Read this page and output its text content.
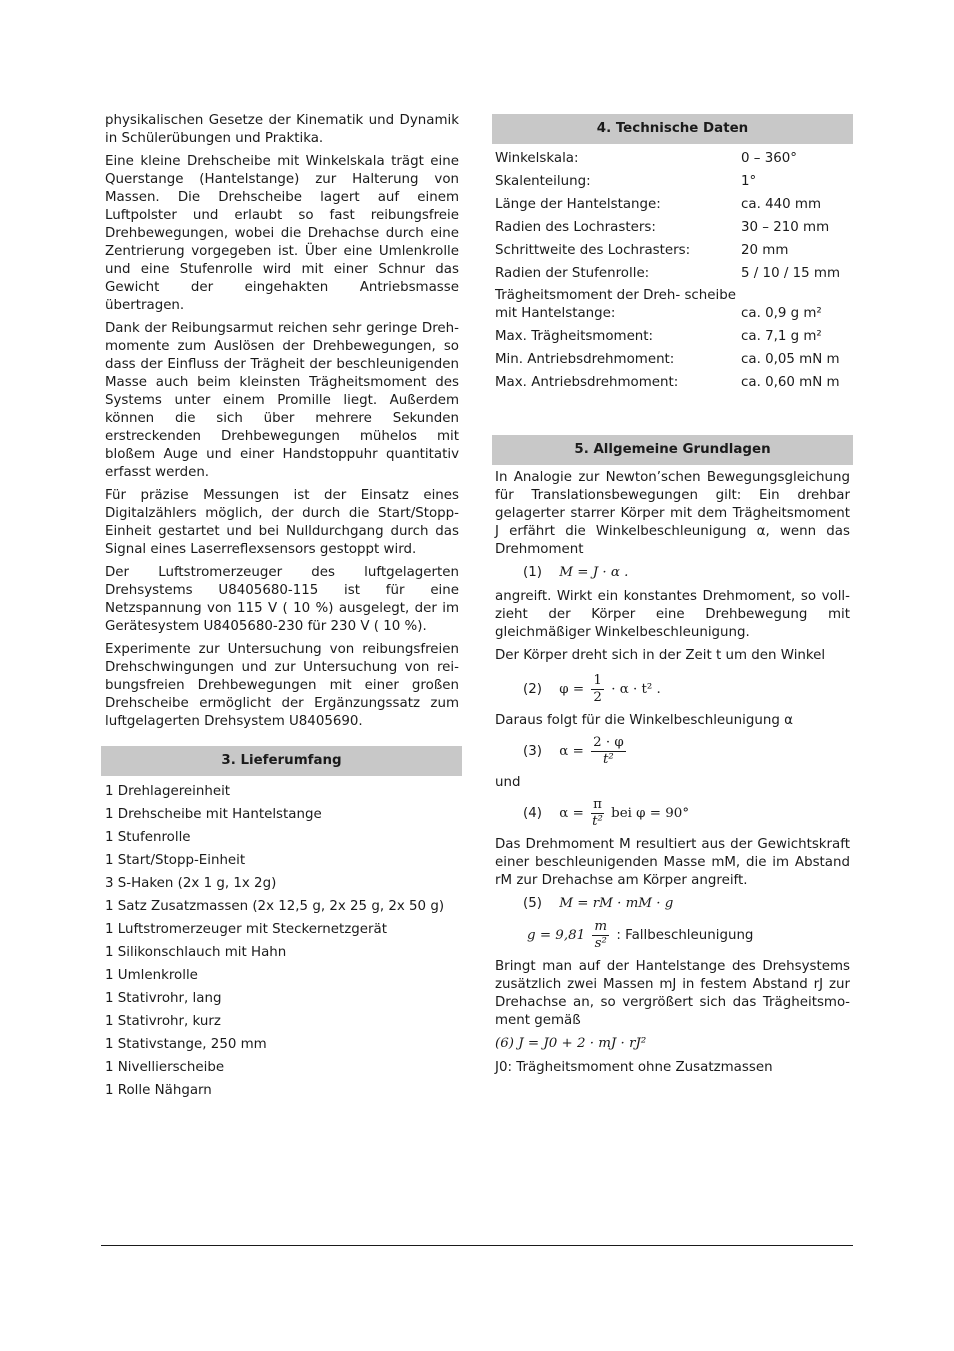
physikalischen Gesetze der Kinematik und Dynamik in Schülerübungen und Praktika.

Eine kleine Drehscheibe mit Winkelskala trägt eine Querstange (Hantelstange) zur Halterung von Massen. Die Drehscheibe lagert auf einem Luftpolster und erlaubt so fast reibungsfreie Drehbewegungen, wobei die Drehachse durch eine Zentrierung vorgegeben ist. Über eine Umlenkrolle und eine Stufenrolle wird mit einer Schnur das Gewicht der eingehakten Antriebsmasse übertragen.

Dank der Reibungsarmut reichen sehr geringe Drehmomente zum Auslösen der Drehbewegungen, so dass der Einfluss der Trägheit der beschleunigenden Masse auch beim kleinsten Trägheitsmoment des Systems unter einem Promille liegt. Außerdem können die sich über mehrere Sekunden erstreckenden Drehbewegungen mühelos mit bloßem Auge und einer Handstoppuhr quantitativ erfasst werden.

Für präzise Messungen ist der Einsatz eines Digitalzählers möglich, der durch die Start/Stopp-Einheit gestartet und bei Nulldurchgang durch das Signal eines Laserreflexsensors gestoppt wird.

Der Luftstromerzeuger des luftgelagerten Drehsystems U8405680-115 ist für eine Netzspannung von 115 V ( 10 %) ausgelegt, der im Gerätesystem U8405680-230 für 230 V ( 10 %).

Experimente zur Untersuchung von reibungsfreien Drehschwingungen und zur Untersuchung von reibungsfreien Drehbewegungen mit einer großen Drehscheibe ermöglicht der Ergänzungssatz zum luftgelagerten Drehsystem U8405690.

3. Lieferumfang
1 Drehlagereinheit
1 Drehscheibe mit Hantelstange
1 Stufenrolle
1 Start/Stopp-Einheit
3 S-Haken (2x 1 g, 1x 2g)
1 Satz Zusatzmassen (2x 12,5 g, 2x 25 g, 2x 50 g)
1 Luftstromerzeuger mit Steckernetzgerät
1 Silikonschlauch mit Hahn
1 Umlenkrolle
1 Stativrohr, lang
1 Stativrohr, kurz
1 Stativstange, 250 mm
1 Nivellierscheibe
1 Rolle Nähgarn
4. Technische Daten
Winkelskala:	0 – 360°
Skalenteilung:	1°
Länge der Hantelstange:	ca. 440 mm
Radien des Lochrasters:	30 – 210 mm
Schrittweite des Lochrasters:	20 mm
Radien der Stufenrolle:	5 / 10 / 15 mm
Trägheitsmoment der Dreh- scheibe mit Hantelstange:	ca. 0,9 g m²
Max. Trägheitsmoment:	ca. 7,1 g m²
Min. Antriebsdrehmoment:	ca. 0,05 mN m
Max. Antriebsdrehmoment:	ca. 0,60 mN m
5. Allgemeine Grundlagen

In Analogie zur Newton’schen Bewegungsgleichung für Translationsbewegungen gilt: Ein drehbar gelagerter starrer Körper mit dem Trägheitsmoment J erfährt die Winkelbeschleunigung α, wenn das Drehmoment

(1) M = J · α .

angreift. Wirkt ein konstantes Drehmoment, so vollzieht der Körper eine Drehbewegung mit gleichmäßiger Winkelbeschleunigung.

Der Körper dreht sich in der Zeit t um den Winkel

(2) $\varphi = \frac{1}{2} \cdot \alpha \cdot t^2$ .

Daraus folgt für die Winkelbeschleunigung α

(3) $\alpha = \frac{2 \cdot \varphi}{\text{t²}}$

und

(4) $\alpha = \frac{\pi}{\text{t²}}$ bei φ = 90°

Das Drehmoment M resultiert aus der Gewichtskraft einer beschleunigenden Masse mM, die im Abstand rM zur Drehachse am Körper angreift.

(5) M = rM · mM · g
$g = 9,81 \frac{m}{\text{s²}}$ : Fallbeschleunigung

Bringt man auf der Hantelstange des Drehsystems zusätzlich zwei Massen mJ in festem Abstand rJ zur Drehachse an, so vergrößert sich das Trägheitsmoment gemäß

(6) J = J0 + 2 · mJ · rJ²

J0: Trägheitsmoment ohne Zusatzmassen
